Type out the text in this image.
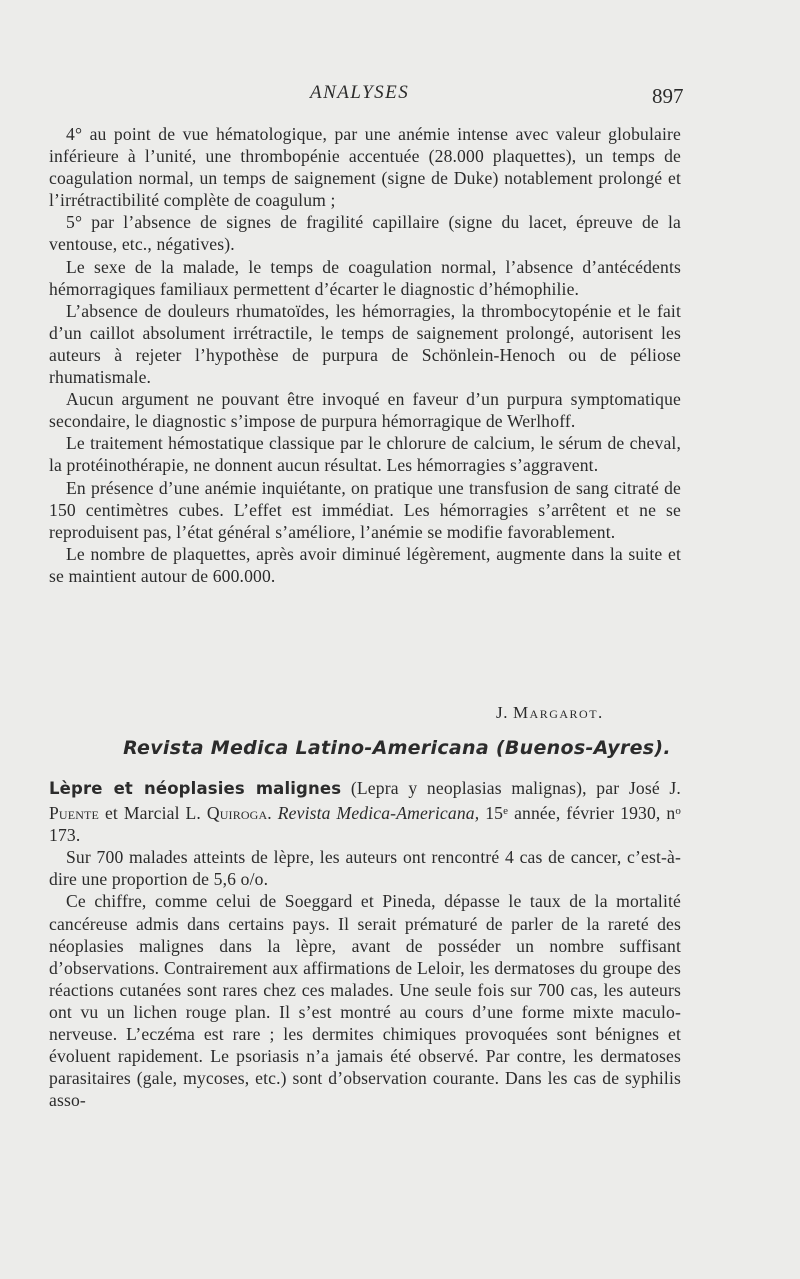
ANALYSES	897

4° au point de vue hématologique, par une anémie intense avec valeur globulaire inférieure à l’unité, une thrombopénie accentuée (28.000 plaquettes), un temps de coagulation normal, un temps de saignement (signe de Duke) notablement prolongé et l’irrétractibilité complète de coagulum ;

5° par l’absence de signes de fragilité capillaire (signe du lacet, épreuve de la ventouse, etc., négatives).

Le sexe de la malade, le temps de coagulation normal, l’absence d’antécédents hémorragiques familiaux permettent d’écarter le diagnostic d’hémophilie.

L’absence de douleurs rhumatoïdes, les hémorragies, la thrombocytopénie et le fait d’un caillot absolument irrétractile, le temps de saignement prolongé, autorisent les auteurs à rejeter l’hypothèse de purpura de Schönlein-Henoch ou de péliose rhumatismale.

Aucun argument ne pouvant être invoqué en faveur d’un purpura symptomatique secondaire, le diagnostic s’impose de purpura hémorragique de Werlhoff.

Le traitement hémostatique classique par le chlorure de calcium, le sérum de cheval, la protéinothérapie, ne donnent aucun résultat. Les hémorragies s’aggravent.

En présence d’une anémie inquiétante, on pratique une transfusion de sang citraté de 150 centimètres cubes. L’effet est immédiat. Les hémorragies s’arrêtent et ne se reproduisent pas, l’état général s’améliore, l’anémie se modifie favorablement.

Le nombre de plaquettes, après avoir diminué légèrement, augmente dans la suite et se maintient autour de 600.000.

J. Margarot.
Revista Medica Latino-Americana (Buenos-Ayres).

Lèpre et néoplasies malignes (Lepra y neoplasias malignas), par José J. Puente et Marcial L. Quiroga. Revista Medica-Americana, 15e année, février 1930, $n^o$ 173.

Sur 700 malades atteints de lèpre, les auteurs ont rencontré 4 cas de cancer, c’est-à-dire une proportion de 5,6 o/o.

Ce chiffre, comme celui de Soeggard et Pineda, dépasse le taux de la mortalité cancéreuse admis dans certains pays. Il serait prématuré de parler de la rareté des néoplasies malignes dans la lèpre, avant de posséder un nombre suffisant d’observations. Contrairement aux affirmations de Leloir, les dermatoses du groupe des réactions cutanées sont rares chez ces malades. Une seule fois sur 700 cas, les auteurs ont vu un lichen rouge plan. Il s’est montré au cours d’une forme mixte maculo-nerveuse. L’eczéma est rare ; les dermites chimiques provoquées sont bénignes et évoluent rapidement. Le psoriasis n’a jamais été observé. Par contre, les dermatoses parasitaires (gale, mycoses, etc.) sont d’observation courante. Dans les cas de syphilis asso-
